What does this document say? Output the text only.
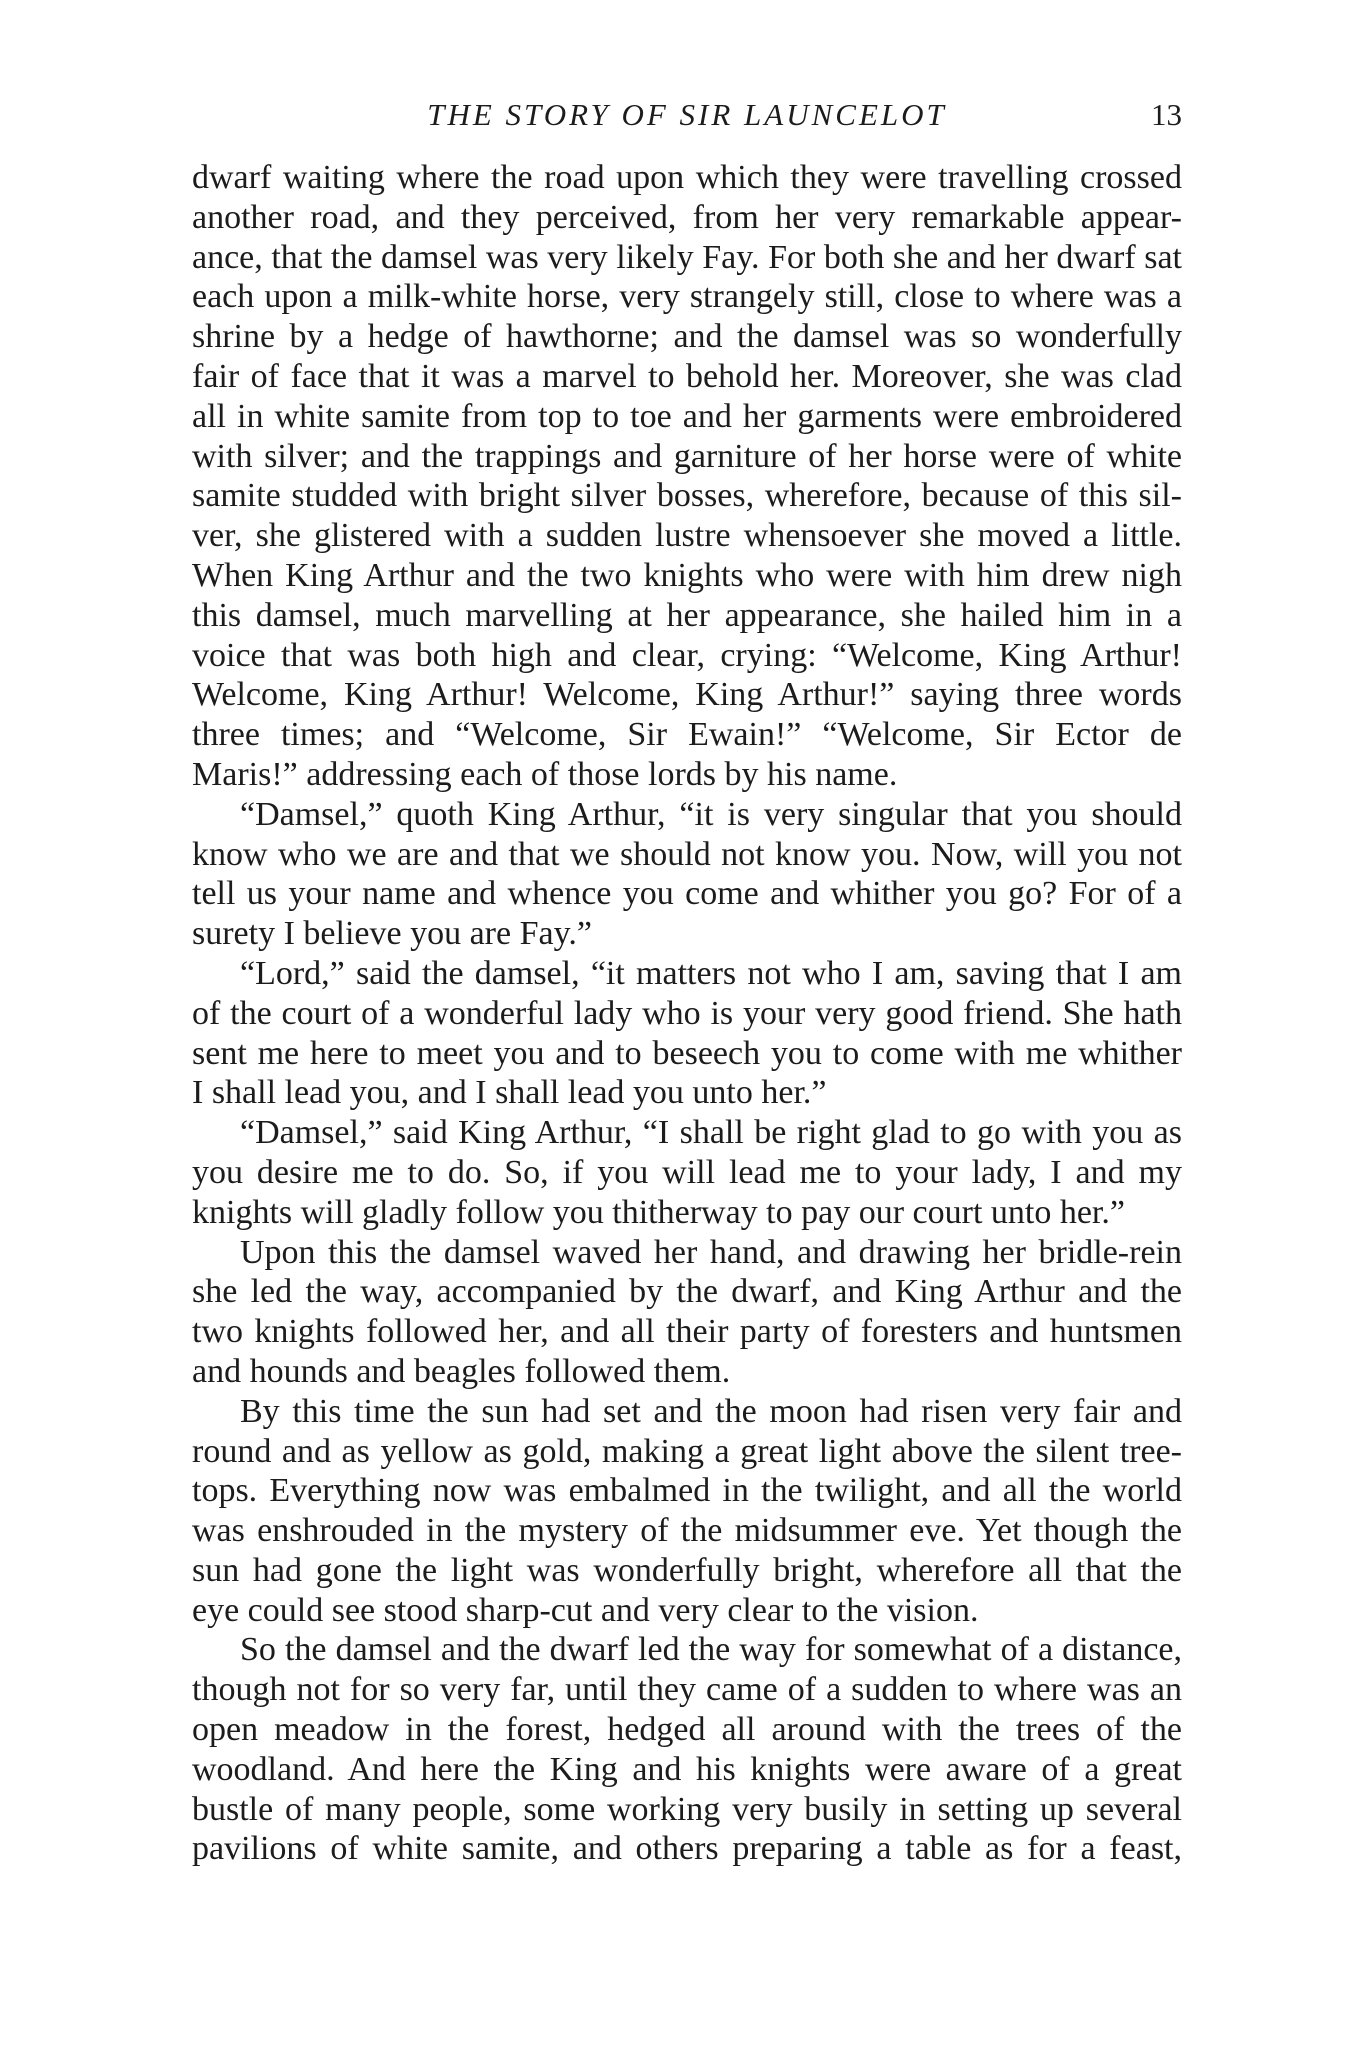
THE STORY OF SIR LAUNCELOT	13
dwarf waiting where the road upon which they were travelling crossed
another road, and they perceived, from her very remarkable appear-
ance, that the damsel was very likely Fay. For both she and her dwarf sat
each upon a milk-white horse, very strangely still, close to where was a
shrine by a hedge of hawthorne; and the damsel was so wonderfully
fair of face that it was a marvel to behold her. Moreover, she was clad
all in white samite from top to toe and her garments were embroidered
with silver; and the trappings and garniture of her horse were of white
samite studded with bright silver bosses, wherefore, because of this sil-
ver, she glistered with a sudden lustre whensoever she moved a little.
When King Arthur and the two knights who were with him drew nigh
this damsel, much marvelling at her appearance, she hailed him in a
voice that was both high and clear, crying: “Welcome, King Arthur!
Welcome, King Arthur! Welcome, King Arthur!” saying three words
three times; and “Welcome, Sir Ewain!” “Welcome, Sir Ector de
Maris!” addressing each of those lords by his name.
“Damsel,” quoth King Arthur, “it is very singular that you should
know who we are and that we should not know you. Now, will you not
tell us your name and whence you come and whither you go? For of a
surety I believe you are Fay.”
“Lord,” said the damsel, “it matters not who I am, saving that I am
of the court of a wonderful lady who is your very good friend. She hath
sent me here to meet you and to beseech you to come with me whither
I shall lead you, and I shall lead you unto her.”
“Damsel,” said King Arthur, “I shall be right glad to go with you as
you desire me to do. So, if you will lead me to your lady, I and my
knights will gladly follow you thitherway to pay our court unto her.”
Upon this the damsel waved her hand, and drawing her bridle-rein
she led the way, accompanied by the dwarf, and King Arthur and the
two knights followed her, and all their party of foresters and huntsmen
and hounds and beagles followed them.
By this time the sun had set and the moon had risen very fair and
round and as yellow as gold, making a great light above the silent tree-
tops. Everything now was embalmed in the twilight, and all the world
was enshrouded in the mystery of the midsummer eve. Yet though the
sun had gone the light was wonderfully bright, wherefore all that the
eye could see stood sharp-cut and very clear to the vision.
So the damsel and the dwarf led the way for somewhat of a distance,
though not for so very far, until they came of a sudden to where was an
open meadow in the forest, hedged all around with the trees of the
woodland. And here the King and his knights were aware of a great
bustle of many people, some working very busily in setting up several
pavilions of white samite, and others preparing a table as for a feast,
